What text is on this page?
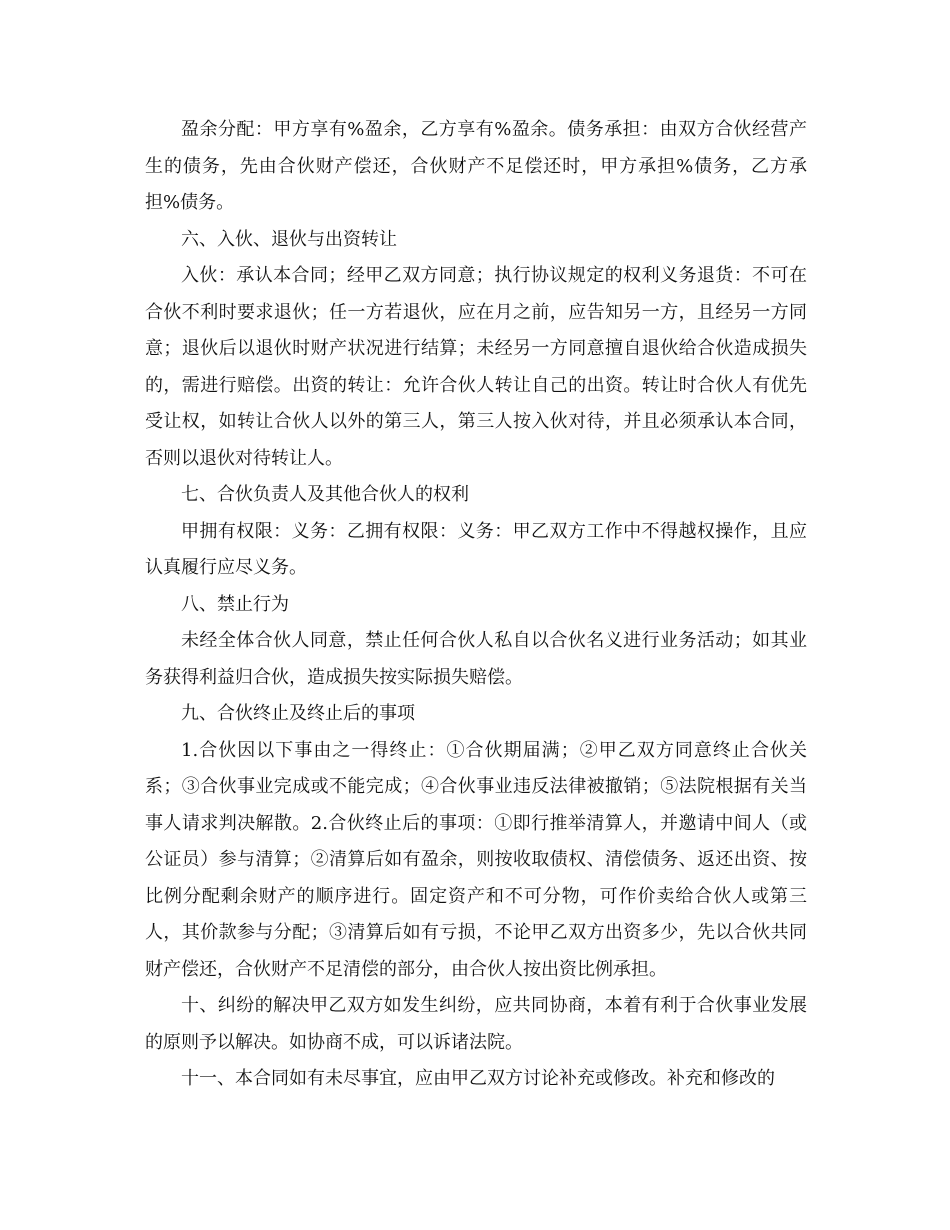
盈余分配：甲方享有%盈余，乙方享有%盈余。债务承担：由双方合伙经营产生的债务，先由合伙财产偿还，合伙财产不足偿还时，甲方承担%债务，乙方承担%债务。

六、入伙、退伙与出资转让

入伙：承认本合同；经甲乙双方同意；执行协议规定的权利义务退货：不可在合伙不利时要求退伙；任一方若退伙，应在月之前，应告知另一方，且经另一方同意；退伙后以退伙时财产状况进行结算；未经另一方同意擅自退伙给合伙造成损失的，需进行赔偿。出资的转让：允许合伙人转让自己的出资。转让时合伙人有优先受让权，如转让合伙人以外的第三人，第三人按入伙对待，并且必须承认本合同，否则以退伙对待转让人。

七、合伙负责人及其他合伙人的权利

甲拥有权限：义务：乙拥有权限：义务：甲乙双方工作中不得越权操作，且应认真履行应尽义务。

八、禁止行为

未经全体合伙人同意，禁止任何合伙人私自以合伙名义进行业务活动；如其业务获得利益归合伙，造成损失按实际损失赔偿。

九、合伙终止及终止后的事项

1.合伙因以下事由之一得终止：①合伙期届满；②甲乙双方同意终止合伙关系；③合伙事业完成或不能完成；④合伙事业违反法律被撤销；⑤法院根据有关当事人请求判决解散。2.合伙终止后的事项：①即行推举清算人，并邀请中间人（或公证员）参与清算；②清算后如有盈余，则按收取债权、清偿债务、返还出资、按比例分配剩余财产的顺序进行。固定资产和不可分物，可作价卖给合伙人或第三人，其价款参与分配；③清算后如有亏损，不论甲乙双方出资多少，先以合伙共同财产偿还，合伙财产不足清偿的部分，由合伙人按出资比例承担。

十、纠纷的解决甲乙双方如发生纠纷，应共同协商，本着有利于合伙事业发展的原则予以解决。如协商不成，可以诉诸法院。

十一、本合同如有未尽事宜，应由甲乙双方讨论补充或修改。补充和修改的
